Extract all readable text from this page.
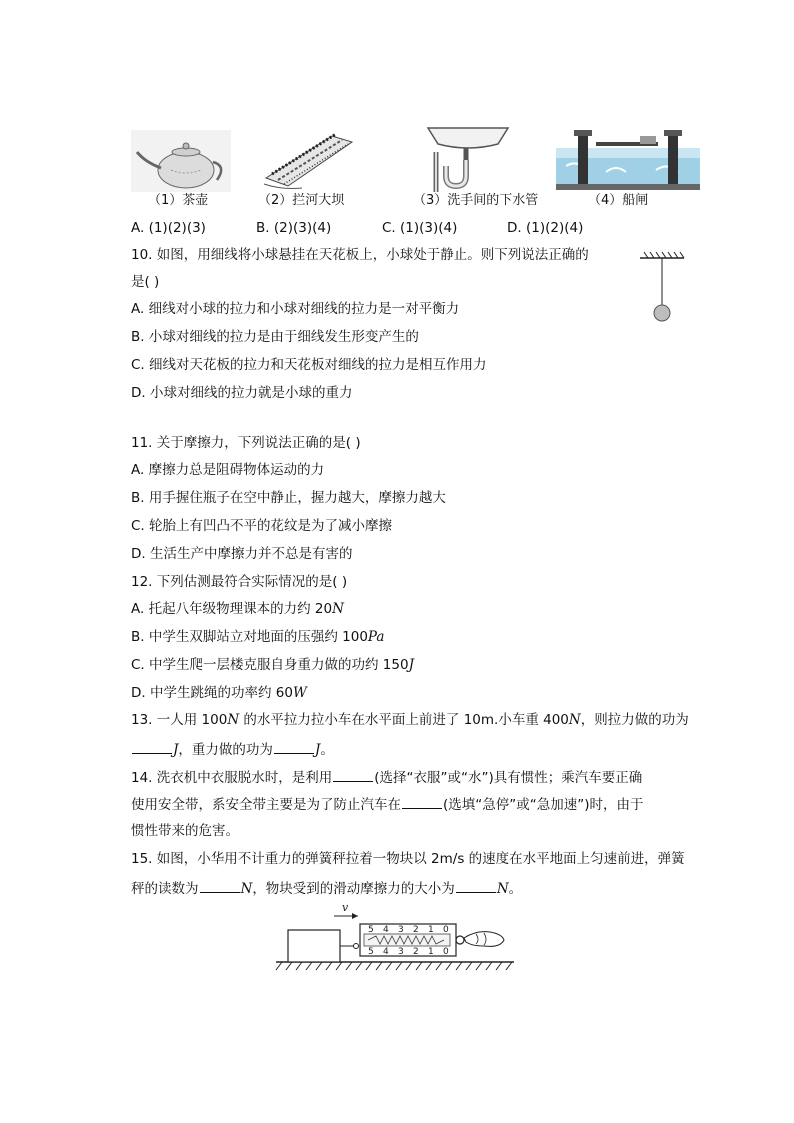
（1）茶壶	（2）拦河大坝	（3）洗手间的下水管	（4）船闸
A. (1)(2)(3)	B. (2)(3)(4)	C. (1)(3)(4)	D. (1)(2)(4)
10. 如图，用细线将小球悬挂在天花板上，小球处于静止。则下列说法正确的
是( )
A. 细线对小球的拉力和小球对细线的拉力是一对平衡力
B. 小球对细线的拉力是由于细线发生形变产生的
C. 细线对天花板的拉力和天花板对细线的拉力是相互作用力
D. 小球对细线的拉力就是小球的重力
11. 关于摩擦力，下列说法正确的是( )
A. 摩擦力总是阻碍物体运动的力
B. 用手握住瓶子在空中静止，握力越大，摩擦力越大
C. 轮胎上有凹凸不平的花纹是为了减小摩擦
D. 生活生产中摩擦力并不总是有害的
12. 下列估测最符合实际情况的是( )
A. 托起八年级物理课本的力约 20N
B. 中学生双脚站立对地面的压强约 100Pa
C. 中学生爬一层楼克服自身重力做的功约 150J
D. 中学生跳绳的功率约 60W
13. 一人用 100N 的水平拉力拉小车在水平面上前进了 10m.小车重 400N，则拉力做的功为
J，重力做的功为	J。
14. 洗衣机中衣服脱水时，是利用	(选择“衣服”或“水”)具有惯性；乘汽车要正确
使用安全带，系安全带主要是为了防止汽车在	(选填“急停”或“急加速”)时，由于
惯性带来的危害。
15. 如图，小华用不计重力的弹簧秤拉着一物块以 2m/s 的速度在水平地面上匀速前进，弹簧
秤的读数为	N，物块受到的滑动摩擦力的大小为	N。
v
5 4 3 2 1 0
5 4 3 2 1 0
